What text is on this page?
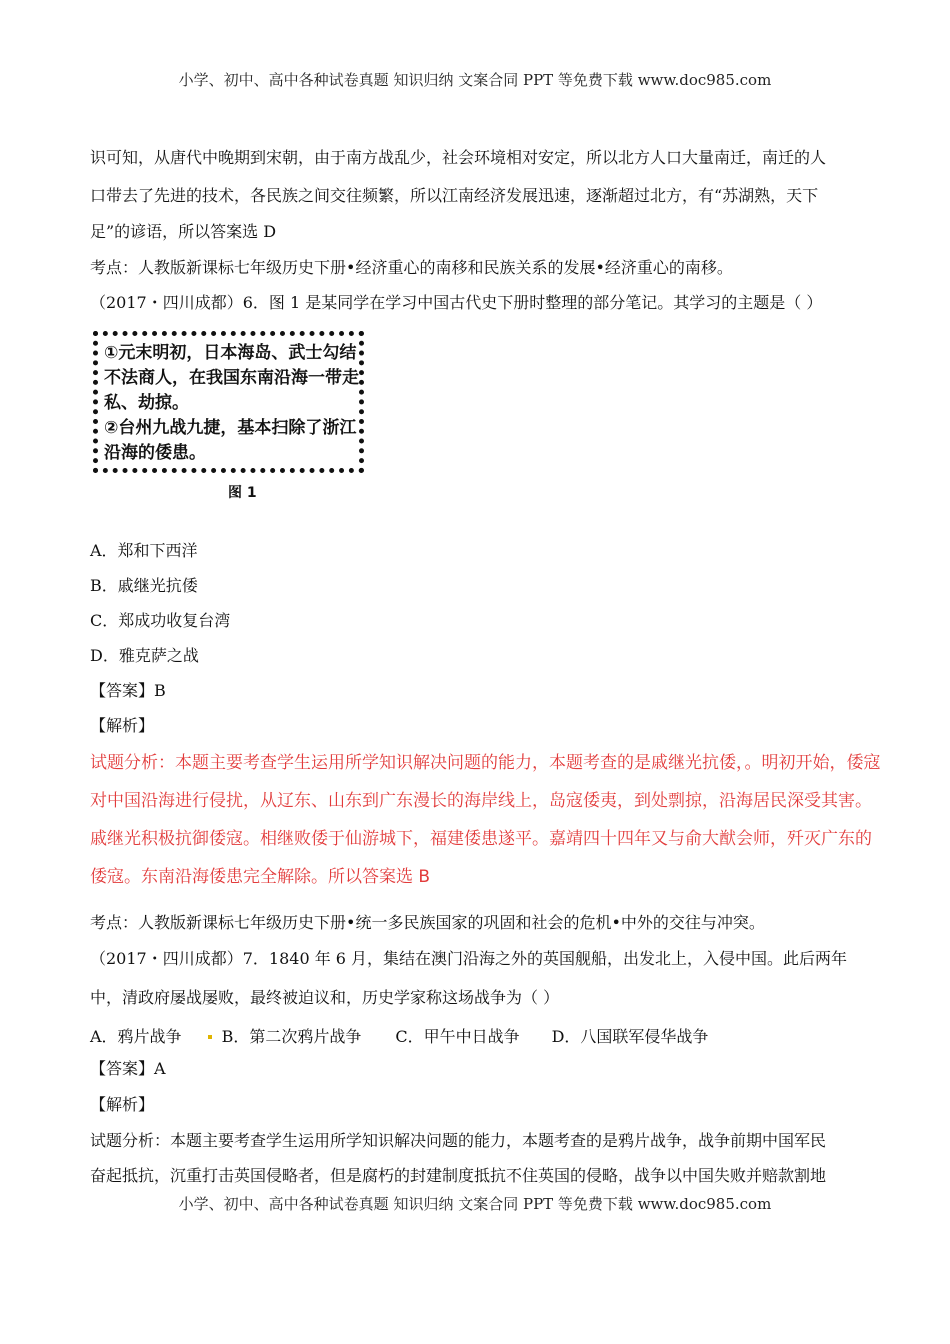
小学、初中、高中各种试卷真题 知识归纳 文案合同 PPT 等免费下载 www.doc985.com
识可知，从唐代中晚期到宋朝，由于南方战乱少，社会环境相对安定，所以北方人口大量南迁，南迁的人
口带去了先进的技术，各民族之间交往频繁，所以江南经济发展迅速，逐渐超过北方，有“苏湖熟，天下
足”的谚语，所以答案选 D
考点：人教版新课标七年级历史下册•经济重心的南移和民族关系的发展•经济重心的南移。
（2017・四川成都）6．图 1 是某同学在学习中国古代史下册时整理的部分笔记。其学习的主题是（ ）
①元末明初，日本海岛、武士勾结
不法商人，在我国东南沿海一带走
私、劫掠。
②台州九战九捷，基本扫除了浙江
沿海的倭患。
图 1
A．郑和下西洋
B．戚继光抗倭
C．郑成功收复台湾
D．雅克萨之战
【答案】B
【解析】
试题分析：本题主要考查学生运用所学知识解决问题的能力，本题考查的是戚继光抗倭，。明初开始，倭寇
对中国沿海进行侵扰，从辽东、山东到广东漫长的海岸线上，岛寇倭夷，到处剽掠，沿海居民深受其害。
戚继光积极抗御倭寇。相继败倭于仙游城下，福建倭患遂平。嘉靖四十四年又与俞大猷会师，歼灭广东的
倭寇。东南沿海倭患完全解除。所以答案选 B
考点：人教版新课标七年级历史下册•统一多民族国家的巩固和社会的危机•中外的交往与冲突。
（2017・四川成都）7．1840 年 6 月，集结在澳门沿海之外的英国舰船，出发北上，入侵中国。此后两年
中，清政府屡战屡败，最终被迫议和，历史学家称这场战争为（ ）
A．鸦片战争	B．第二次鸦片战争 C．甲午中日战争 D．八国联军侵华战争
【答案】A
【解析】
试题分析：本题主要考查学生运用所学知识解决问题的能力，本题考查的是鸦片战争，战争前期中国军民
奋起抵抗，沉重打击英国侵略者，但是腐朽的封建制度抵抗不住英国的侵略，战争以中国失败并赔款割地
小学、初中、高中各种试卷真题 知识归纳 文案合同 PPT 等免费下载 www.doc985.com
